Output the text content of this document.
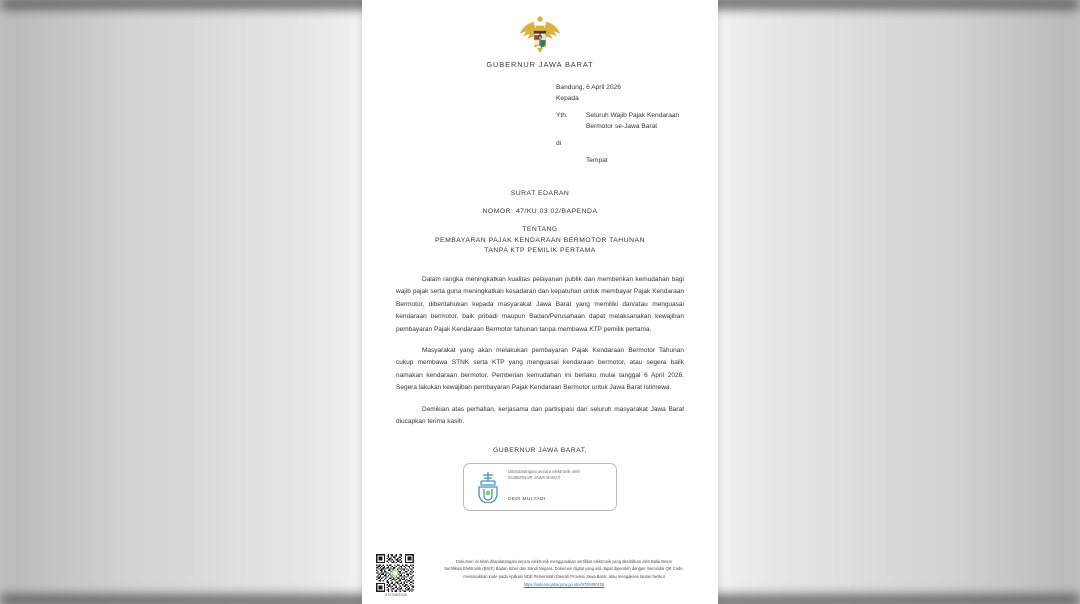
GUBERNUR JAWA BARAT
Bandung, 6 April 2026
Kepada
Yth.	Seluruh Wajib Pajak Kendaraan
Bermotor se-Jawa Barat
di
Tempat
SURAT EDARAN
NOMOR: 47/KU.03.02/BAPENDA
TENTANG
PEMBAYARAN PAJAK KENDARAAN BERMOTOR TAHUNAN
TANPA KTP PEMILIK PERTAMA

Dalam rangka meningkatkan kualitas pelayanan publik dan memberikan kemudahan bagi wajib pajak serta guna meningkatkan kesadaran dan kepatuhan untuk membayar Pajak Kendaraan Bermotor, diberitahukan kepada masyarakat Jawa Barat yang memiliki dan/atau menguasai kendaraan bermotor, baik pribadi maupun Badan/Perusahaan dapat melaksanakan kewajiban pembayaran Pajak Kendaraan Bermotor tahunan tanpa membawa KTP pemilik pertama.

Masyarakat yang akan melakukan pembayaran Pajak Kendaraan Bermotor Tahunan cukup membawa STNK serta KTP yang menguasai kendaraan bermotor, atau segera balik namakan kendaraan bermotor. Pemberian kemudahan ini berlaku mulai tanggal 6 April 2026. Segera lakukan kewajiban pembayaran Pajak Kendaraan Bermotor untuk Jawa Barat Istimewa.

Demikian atas perhatian, kerjasama dan partisipasi dari seluruh masyarakat Jawa Barat diucapkan terima kasih.

GUBERNUR JAWA BARAT,
Ditandatangani secara elektronik oleh
GUBERNUR JAWA BARAT
DEDI MULYADI
0723482430
Dokumen ini telah ditandatangani secara elektronik menggunakan sertifikat elektronik yang diterbitkan oleh Balai Besar
Sertifikasi Elektronik (BSrE) Badan Siber dan Sandi Negara. Dokumen digital yang asli dapat diperoleh dengan memindai QR Code,
memasukkan kode pada Aplikasi NDE Pemerintah Daerah Provinsi Jawa Barat, atau mengakses tautan berikut
https://sidoara.jabarprov.go.id/v/9703490108
